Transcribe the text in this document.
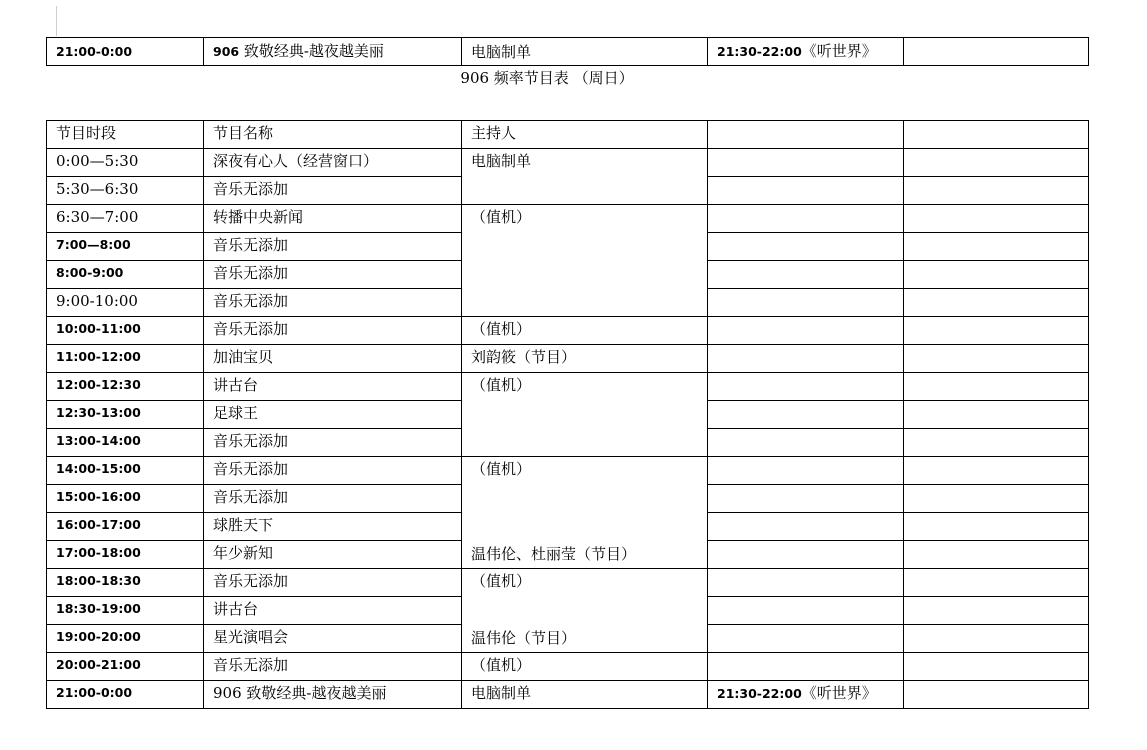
21:00-0:00	906 致敬经典-越夜越美丽	电脑制单	21:30-22:00《听世界》	
906 频率节目表 （周日）
节目时段	节目名称	主持人		
0:00—5:30	深夜有心人（经营窗口）	电脑制单		
5:30—6:30	音乐无添加			
6:30—7:00	转播中央新闻	（值机）		
7:00—8:00	音乐无添加			
8:00-9:00	音乐无添加			
9:00-10:00	音乐无添加			
10:00-11:00	音乐无添加	（值机）		
11:00-12:00	加油宝贝	刘韵筱（节目）		
12:00-12:30	讲古台	（值机）		
12:30-13:00	足球王			
13:00-14:00	音乐无添加			
14:00-15:00	音乐无添加	（值机）
温伟伦、杜丽莹（节目）		

15:00-16:00	音乐无添加			
16:00-17:00	球胜天下			
17:00-18:00	年少新知			
18:00-18:30	音乐无添加	（值机）
温伟伦（节目）		

18:30-19:00	讲古台			
19:00-20:00	星光演唱会			
20:00-21:00	音乐无添加	（值机）		
21:00-0:00	906 致敬经典-越夜越美丽	电脑制单	21:30-22:00《听世界》	
